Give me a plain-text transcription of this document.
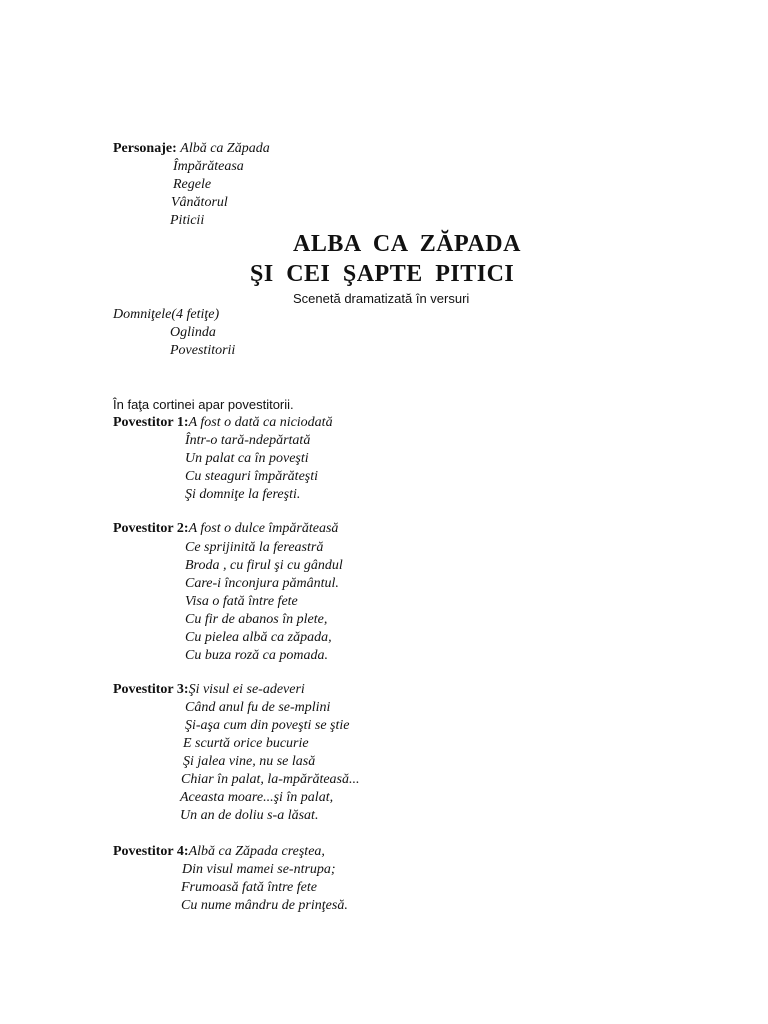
Personaje: Albă ca Zăpada
Împărăteasa
Regele
Vânătorul
Piticii
ALBA CA ZĂPADA
ŞI CEI ŞAPTE PITICI
Scenetă dramatizată în versuri
Domniţele(4 fetiţe)
Oglinda
Povestitorii
În faţa cortinei apar povestitorii.
Povestitor 1:A fost o dată ca niciodată
Într-o tară-ndepărtată
Un palat ca în poveşti
Cu steaguri împărăteşti
Şi domniţe la fereşti.
Povestitor 2:A fost o dulce împărăteasă
Ce sprijinită la fereastră
Broda , cu firul şi cu gândul
Care-i înconjura pământul.
Visa o fată între fete
Cu fir de abanos în plete,
Cu pielea albă ca zăpada,
Cu buza roză ca pomada.
Povestitor 3:Şi visul ei se-adeveri
Când anul fu de se-mplini
Şi-aşa cum din poveşti se ştie
E scurtă orice bucurie
Şi jalea vine, nu se lasă
Chiar în palat, la-mpărăteasă...
Aceasta moare...şi în palat,
Un an de doliu s-a lăsat.
Povestitor 4:Albă ca Zăpada creştea,
Din visul mamei se-ntrupa;
Frumoasă fată între fete
Cu nume mândru de prinţesă.
